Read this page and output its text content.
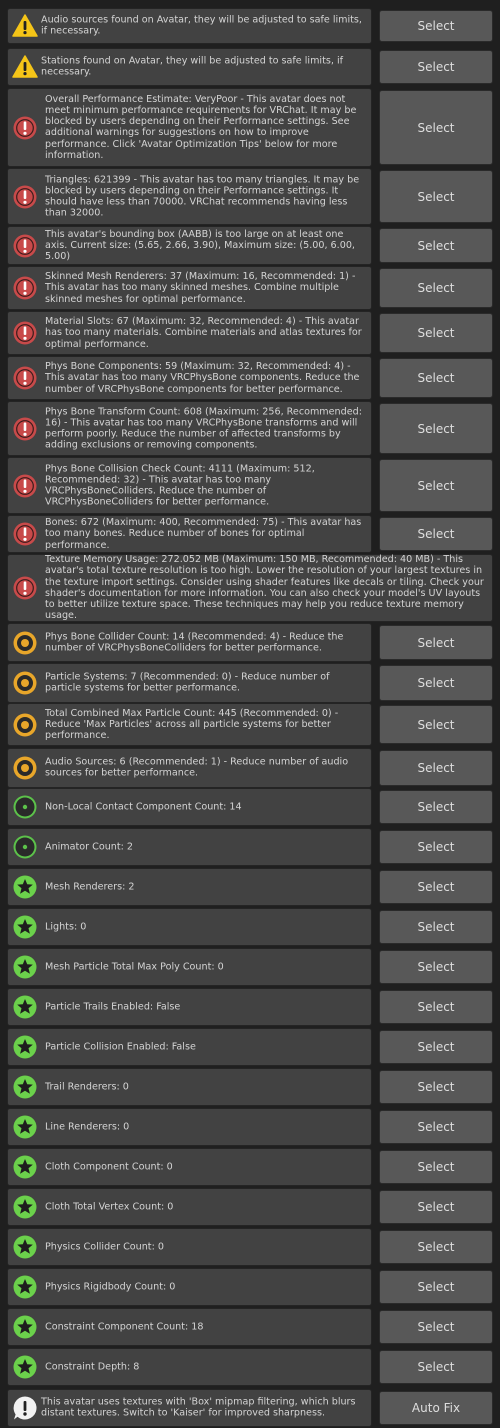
Audio sources found on Avatar, they will be adjusted to safe limits, if necessary.	Select
Stations found on Avatar, they will be adjusted to safe limits, if necessary.	Select
Overall Performance Estimate: VeryPoor - This avatar does not meet minimum performance requirements for VRChat. It may be blocked by users depending on their Performance settings. See additional warnings for suggestions on how to improve performance. Click 'Avatar Optimization Tips' below for more information.
Select
Triangles: 621399 - This avatar has too many triangles. It may be blocked by users depending on their Performance settings. It should have less than 70000. VRChat recommends having less than 32000.
Select
This avatar's bounding box (AABB) is too large on at least one axis. Current size: (5.65, 2.66, 3.90), Maximum size: (5.00, 6.00, 5.00)
Select
Skinned Mesh Renderers: 37 (Maximum: 16, Recommended: 1) - This avatar has too many skinned meshes. Combine multiple skinned meshes for optimal performance.
Select
Material Slots: 67 (Maximum: 32, Recommended: 4) - This avatar has too many materials. Combine materials and atlas textures for optimal performance.
Select
Phys Bone Components: 59 (Maximum: 32, Recommended: 4) - This avatar has too many VRCPhysBone components. Reduce the number of VRCPhysBone components for better performance.
Select
Phys Bone Transform Count: 608 (Maximum: 256, Recommended: 16) - This avatar has too many VRCPhysBone transforms and will perform poorly. Reduce the number of affected transforms by adding exclusions or removing components.
Select
Phys Bone Collision Check Count: 4111 (Maximum: 512, Recommended: 32) - This avatar has too many VRCPhysBoneColliders. Reduce the number of VRCPhysBoneColliders for better performance.
Select
Bones: 672 (Maximum: 400, Recommended: 75) - This avatar has too many bones. Reduce number of bones for optimal performance.
Select
Texture Memory Usage: 272.052 MB (Maximum: 150 MB, Recommended: 40 MB) - This avatar's total texture resolution is too high. Lower the resolution of your largest textures in the texture import settings. Consider using shader features like decals or tiling. Check your shader's documentation for more information. You can also check your model's UV layouts to better utilize texture space. These techniques may help you reduce texture memory usage.
Phys Bone Collider Count: 14 (Recommended: 4) - Reduce the number of VRCPhysBoneColliders for better performance.	Select
Particle Systems: 7 (Recommended: 0) - Reduce number of particle systems for better performance.	Select
Total Combined Max Particle Count: 445 (Recommended: 0) - Reduce 'Max Particles' across all particle systems for better performance.
Select
Audio Sources: 6 (Recommended: 1) - Reduce number of audio sources for better performance.	Select
Non-Local Contact Component Count: 14	Select
Animator Count: 2	Select
Mesh Renderers: 2	Select
Lights: 0	Select
Mesh Particle Total Max Poly Count: 0	Select
Particle Trails Enabled: False	Select
Particle Collision Enabled: False	Select
Trail Renderers: 0	Select
Line Renderers: 0	Select
Cloth Component Count: 0	Select
Cloth Total Vertex Count: 0	Select
Physics Collider Count: 0	Select
Physics Rigidbody Count: 0	Select
Constraint Component Count: 18	Select
Constraint Depth: 8	Select
This avatar uses textures with 'Box' mipmap filtering, which blurs distant textures. Switch to 'Kaiser' for improved sharpness.	Auto Fix
